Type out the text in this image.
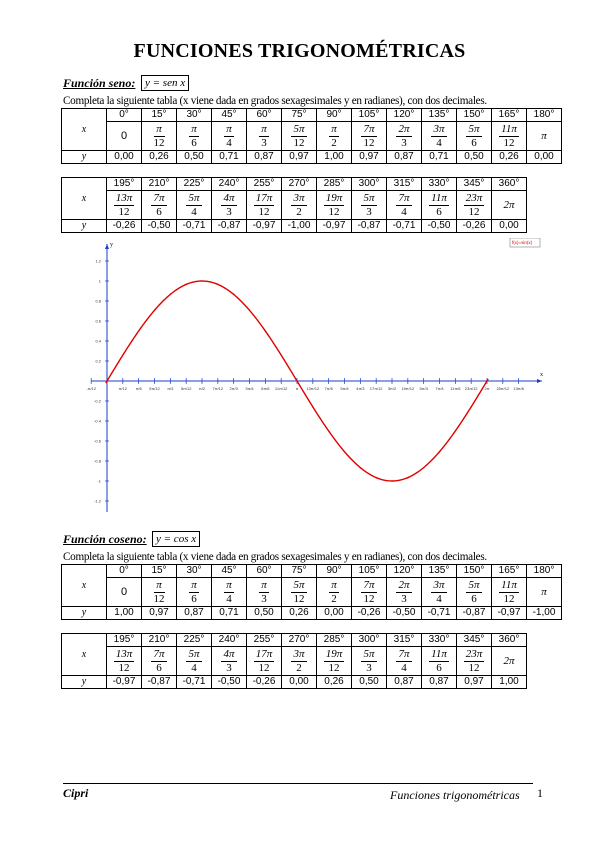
FUNCIONES TRIGONOMÉTRICAS
Función seno: y = sen x
Completa la siguiente tabla (x viene dada en grados sexagesimales y en radianes), con dos decimales.
x	0°	15°	30°	45°	60°	75°	90°	105°	120°	135°	150°	165°	180°
	0	$\frac{\pi}{12}$	$\frac{\pi}{6}$	$\frac{\pi}{4}$	$\frac{\pi}{3}$	$\frac{5\pi}{12}$	$\frac{\pi}{2}$	$\frac{7\pi}{12}$	$\frac{2\pi}{3}$	$\frac{3\pi}{4}$	$\frac{5\pi}{6}$	$\frac{11\pi}{12}$	π
y	0,00	0,26	0,50	0,71	0,87	0,97	1,00	0,97	0,87	0,71	0,50	0,26	0,00
x	195°	210°	225°	240°	255°	270°	285°	300°	315°	330°	345°	360°

	$\frac{13\pi}{12}$	$\frac{7\pi}{6}$	$\frac{5\pi}{4}$	$\frac{4\pi}{3}$	$\frac{17\pi}{12}$	$\frac{3\pi}{2}$	$\frac{19\pi}{12}$	$\frac{5\pi}{3}$	$\frac{7\pi}{4}$	$\frac{11\pi}{6}$	$\frac{23\pi}{12}$	2π
y	-0,26	-0,50	-0,71	-0,87	-0,97	-1,00	-0,97	-0,87	-0,71	-0,50	-0,26	0,00
x
y
-π/12	π/12 π/6 5π/12 π/3 5π/12 π/2 7π/12 2π/3 3π/4 5π/6 11π/12 π 13π/12 7π/6 5π/4 4π/3 17π/12 3π/2 19π/12 5π/3 7π/4 11π/6 23π/12 2π 25π/12 13π/6
1.2
1
0.8
0.6
0.4
0.2
-0.2
-0.4
-0.6
-0.8
-1
-1.2
f(x)=sin(x)
Función coseno: y = cos x
Completa la siguiente tabla (x viene dada en grados sexagesimales y en radianes), con dos decimales.
x	0°	15°	30°	45°	60°	75°	90°	105°	120°	135°	150°	165°	180°
	0	$\frac{\pi}{12}$	$\frac{\pi}{6}$	$\frac{\pi}{4}$	$\frac{\pi}{3}$	$\frac{5\pi}{12}$	$\frac{\pi}{2}$	$\frac{7\pi}{12}$	$\frac{2\pi}{3}$	$\frac{3\pi}{4}$	$\frac{5\pi}{6}$	$\frac{11\pi}{12}$	π
y	1,00	0,97	0,87	0,71	0,50	0,26	0,00	-0,26	-0,50	-0,71	-0,87	-0,97	-1,00
x	195°	210°	225°	240°	255°	270°	285°	300°	315°	330°	345°	360°

	$\frac{13\pi}{12}$	$\frac{7\pi}{6}$	$\frac{5\pi}{4}$	$\frac{4\pi}{3}$	$\frac{17\pi}{12}$	$\frac{3\pi}{2}$	$\frac{19\pi}{12}$	$\frac{5\pi}{3}$	$\frac{7\pi}{4}$	$\frac{11\pi}{6}$	$\frac{23\pi}{12}$	2π
y	-0,97	-0,87	-0,71	-0,50	-0,26	0,00	0,26	0,50	0,87	0,87	0,97	1,00
Cipri	Funciones trigonométricas 1
